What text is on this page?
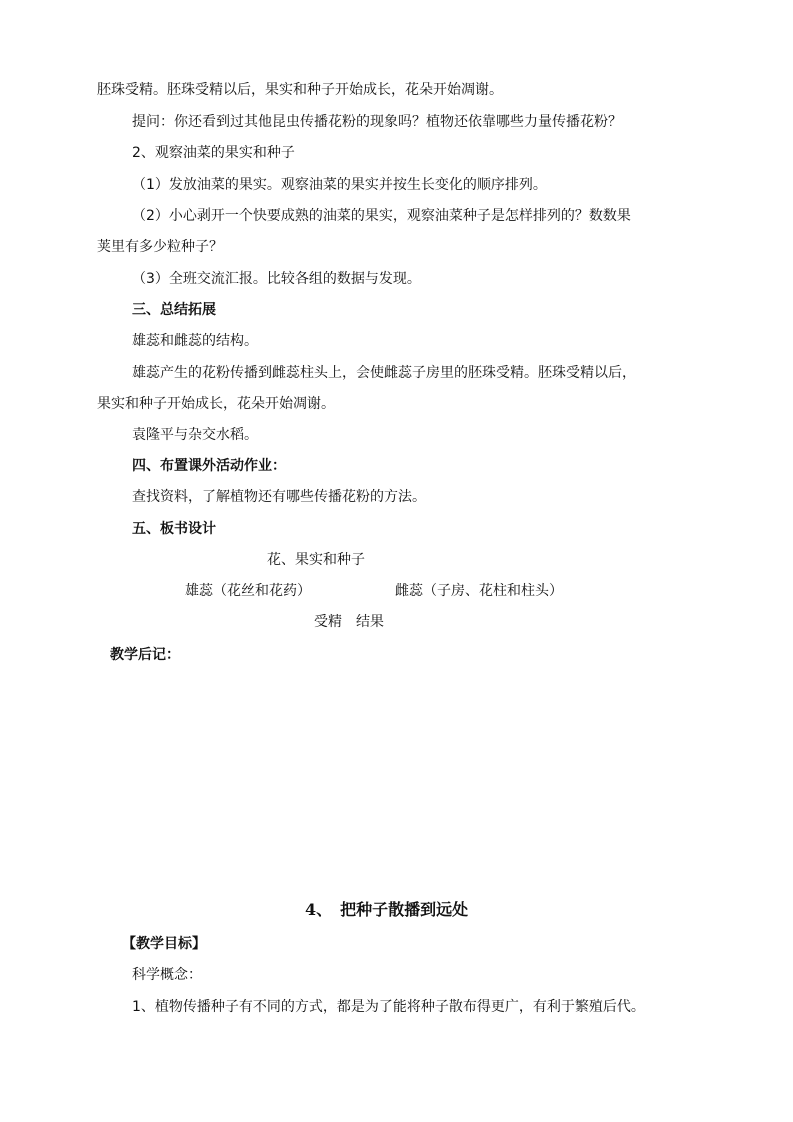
胚珠受精。胚珠受精以后，果实和种子开始成长，花朵开始凋谢。
提问：你还看到过其他昆虫传播花粉的现象吗？植物还依靠哪些力量传播花粉？
2、观察油菜的果实和种子
（1）发放油菜的果实。观察油菜的果实并按生长变化的顺序排列。
（2）小心剥开一个快要成熟的油菜的果实，观察油菜种子是怎样排列的？数数果
荚里有多少粒种子？
（3）全班交流汇报。比较各组的数据与发现。
三、总结拓展
雄蕊和雌蕊的结构。
雄蕊产生的花粉传播到雌蕊柱头上，会使雌蕊子房里的胚珠受精。胚珠受精以后，
果实和种子开始成长，花朵开始凋谢。
袁隆平与杂交水稻。
四、布置课外活动作业：
查找资料，了解植物还有哪些传播花粉的方法。
五、板书设计
花、果实和种子
雄蕊（花丝和花药）	雌蕊（子房、花柱和柱头）
受精　结果
教学后记：
4、　把种子散播到远处
【教学目标】
科学概念：
1、植物传播种子有不同的方式，都是为了能将种子散布得更广，有利于繁殖后代。
